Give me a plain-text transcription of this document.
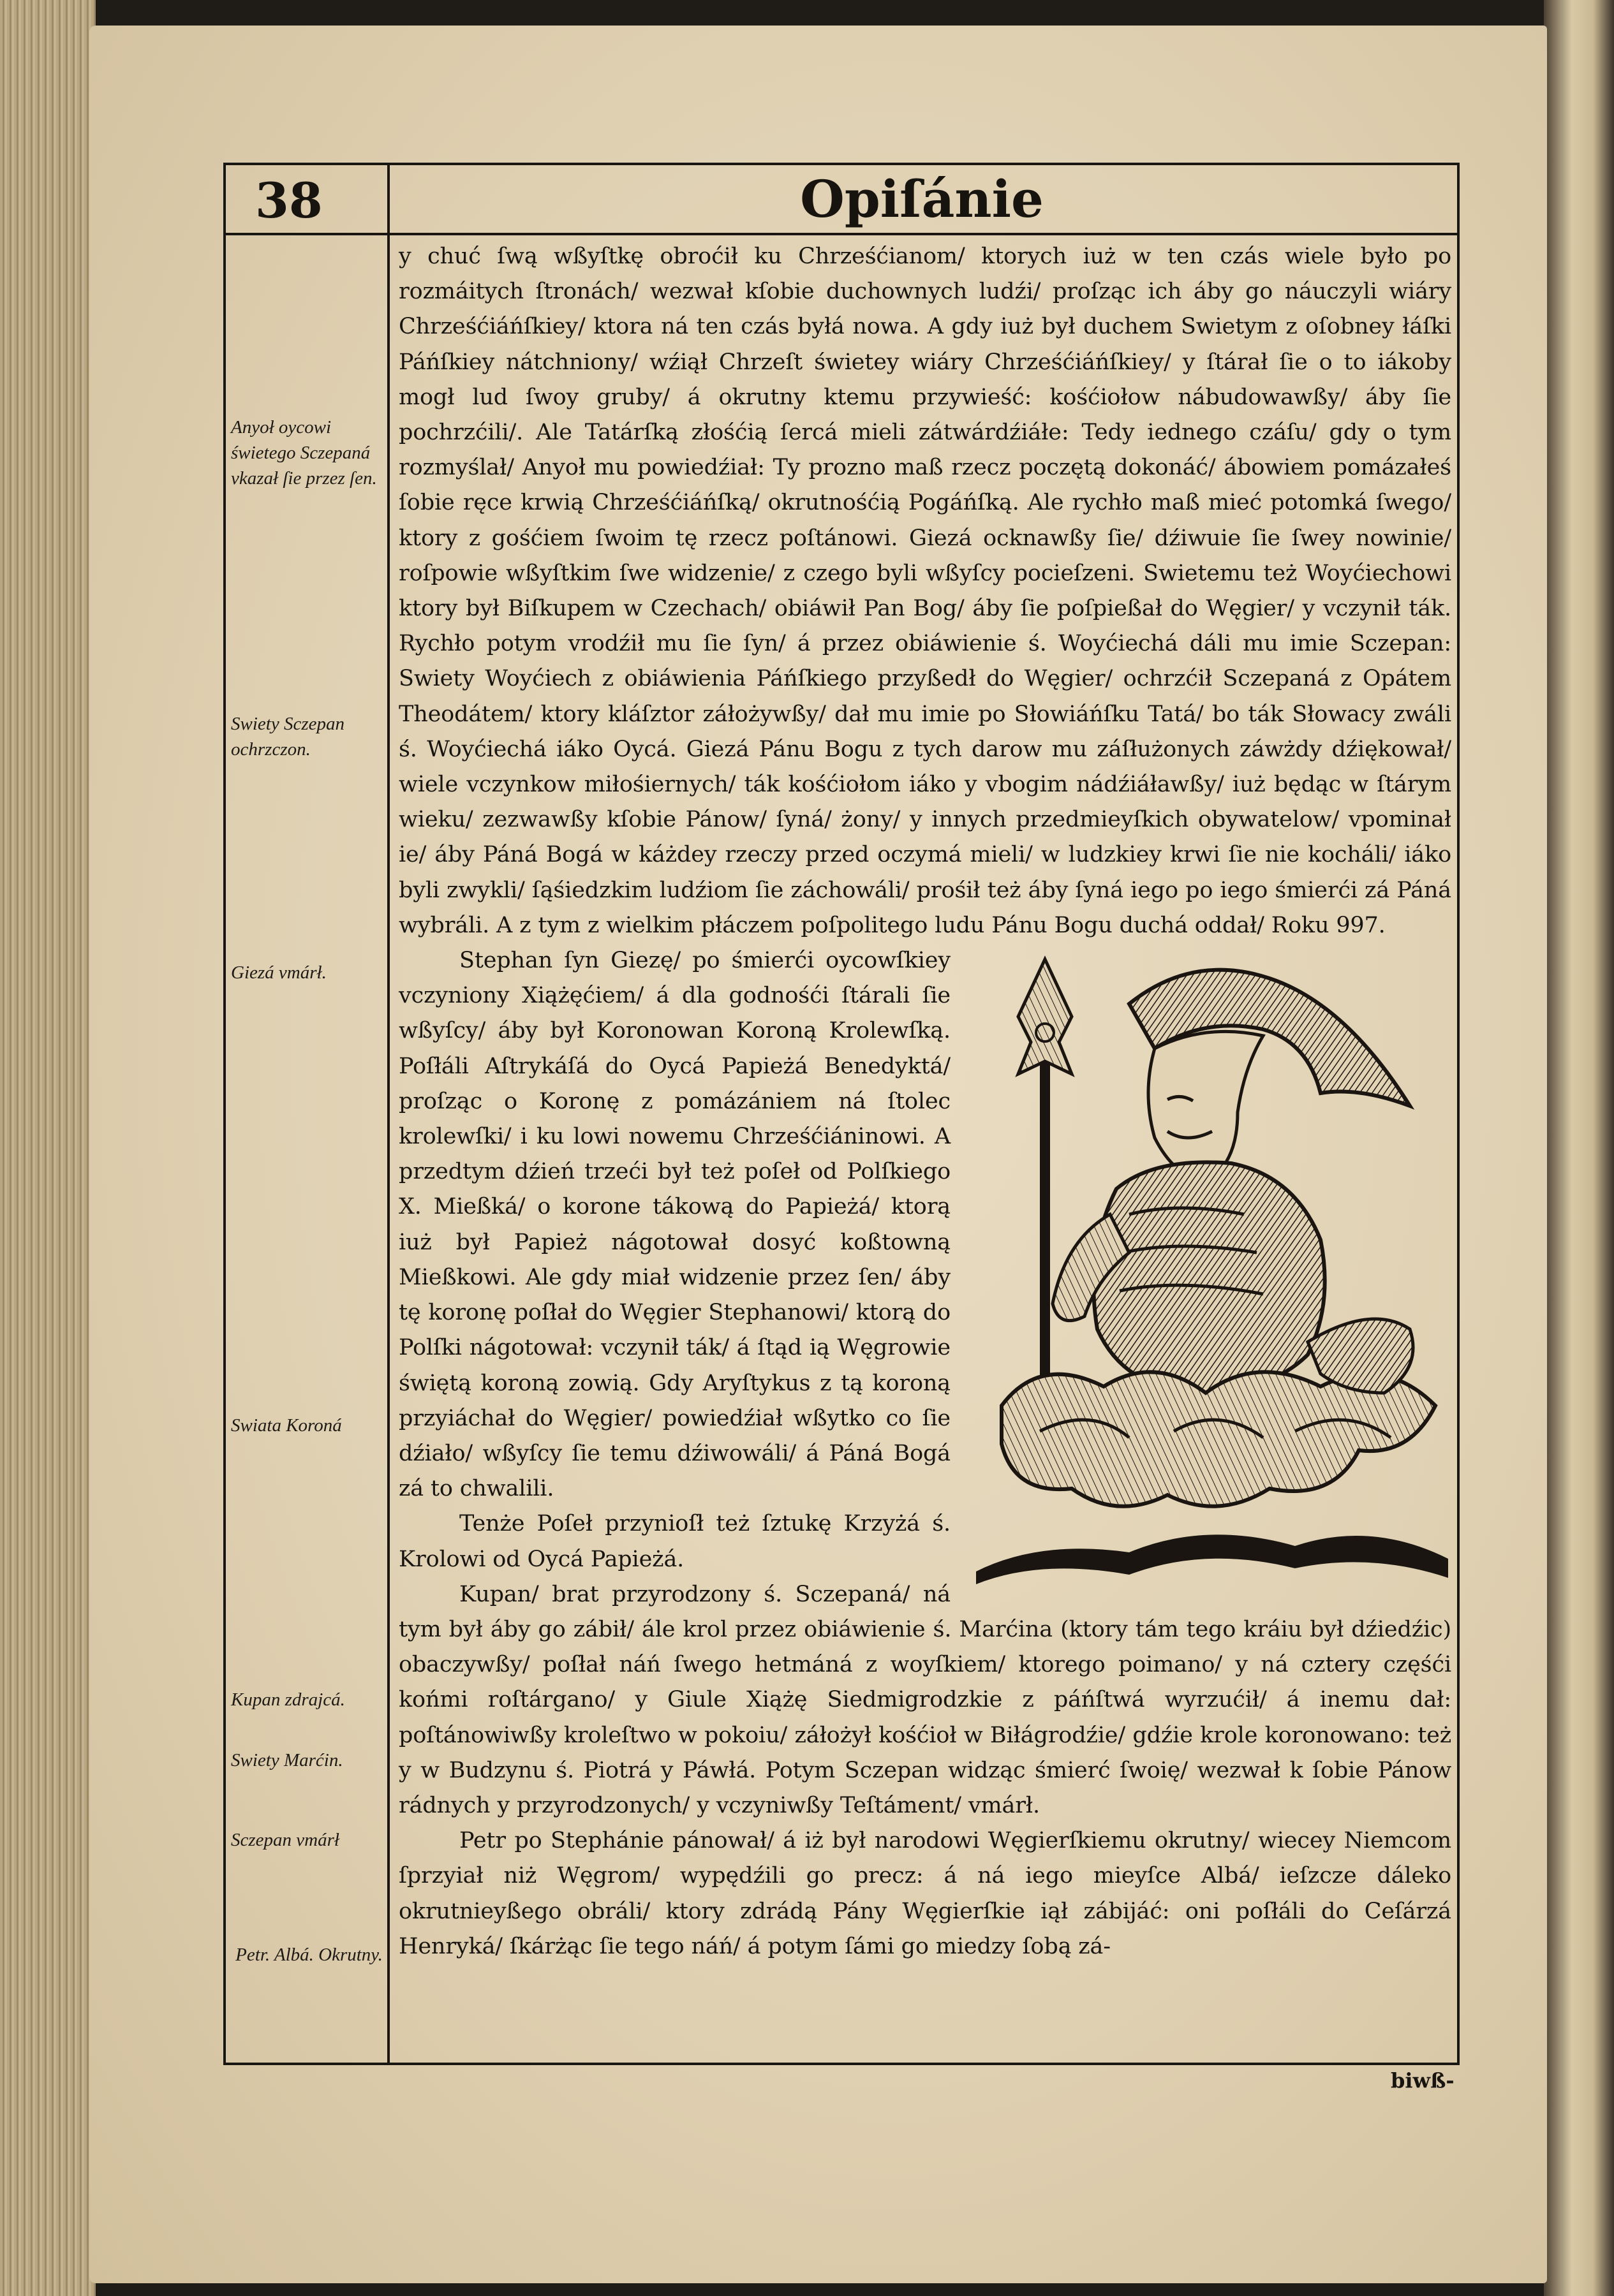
38	Opiſánie
Anyoł oycowi świetego Sczepaná vkazał ſie przez ſen.
Swiety Sczepan ochrzczon.
Giezá vmárł.
Swiata Koroná
Kupan zdrajcá.
Swiety Marćin.
Sczepan vmárł
Petr. Albá. Okrutny.

y chuć ſwą wßyſtkę obroćił ku Chrześćianom/ ktorych iuż w ten czás wiele było po rozmáitych ſtronách/ wezwał kſobie duchownych ludźi/ proſząc ich áby go náuczyli wiáry Chrześćiáńſkiey/ ktora ná ten czás byłá nowa. A gdy iuż był duchem Swietym z oſobney łáſki Páńſkiey nátchniony/ wźiął Chrzeſt świetey wiáry Chrześćiáńſkiey/ y ſtárał ſie o to iákoby mogł lud ſwoy gruby/ á okrutny ktemu przywieść: kośćiołow nábudowawßy/ áby ſie pochrzćili/. Ale Tatárſką złośćią ſercá mieli zátwárdźiáłe: Tedy iednego czáſu/ gdy o tym rozmyślał/ Anyoł mu powiedźiał: Ty prozno maß rzecz poczętą dokonáć/ ábowiem pomázałeś ſobie ręce krwią Chrześćiáńſką/ okrutnośćią Pogáńſką. Ale rychło maß mieć potomká ſwego/ ktory z gośćiem ſwoim tę rzecz poſtánowi. Giezá ocknawßy ſie/ dźiwuie ſie ſwey nowinie/ roſpowie wßyſtkim ſwe widzenie/ z czego byli wßyſcy pocieſzeni. Swietemu też Woyćiechowi ktory był Biſkupem w Czechach/ obiáwił Pan Bog/ áby ſie poſpießał do Węgier/ y vczynił ták. Rychło potym vrodźił mu ſie ſyn/ á przez obiáwienie ś. Woyćiechá dáli mu imie Sczepan: Swiety Woyćiech z obiáwienia Páńſkiego przyßedł do Węgier/ ochrzćił Sczepaná z Opátem Theodátem/ ktory kláſztor záłożywßy/ dał mu imie po Słowiáńſku Tatá/ bo ták Słowacy zwáli ś. Woyćiechá iáko Oycá. Giezá Pánu Bogu z tych darow mu záſłużonych záwżdy dźiękował/ wiele vczynkow miłośiernych/ ták kośćiołom iáko y vbogim nádźiáławßy/ iuż będąc w ſtárym wieku/ zezwawßy kſobie Pánow/ ſyná/ żony/ y innych przedmieyſkich obywatelow/ vpominał ie/ áby Páná Bogá w káżdey rzeczy przed oczymá mieli/ w ludzkiey krwi ſie nie kocháli/ iáko byli zwykli/ ſąśiedzkim ludźiom ſie záchowáli/ prośił też áby ſyná iego po iego śmierći zá Páná wybráli. A z tym z wielkim płáczem poſpolitego ludu Pánu Bogu duchá oddał/ Roku 997.

Stephan ſyn Giezę/ po śmierći oycowſkiey vczyniony Xiążęćiem/ á dla godnośći ſtárali ſie wßyſcy/ áby był Koronowan Koroną Krolewſką. Poſłáli Aſtrykáſá do Oycá Papieżá Benedyktá/ proſząc o Koronę z pomázániem ná ſtolec krolewſki/ i ku lowi nowemu Chrześćiáninowi. A przedtym dźień trzeći był też poſeł od Polſkiego X. Mießká/ o korone tákową do Papieżá/ ktorą iuż był Papież nágotował dosyć koßtowną Mießkowi. Ale gdy miał widzenie przez ſen/ áby tę koronę poſłał do Węgier Stephanowi/ ktorą do Polſki nágotował: vczynił ták/ á ſtąd ią Węgrowie świętą koroną zowią. Gdy Aryſtykus z tą koroną przyiáchał do Węgier/ powiedźiał wßytko co ſie dźiało/ wßyſcy ſie temu dźiwowáli/ á Páná Bogá zá to chwalili.

Tenże Poſeł przynioſł też ſztukę Krzyżá ś. Krolowi od Oycá Papieżá.

Kupan/ brat przyrodzony ś. Sczepaná/ ná tym był áby go zábił/ ále krol przez obiáwienie ś. Marćina (ktory tám tego kráiu był dźiedźic) obaczywßy/ poſłał náń ſwego hetmáná z woyſkiem/ ktorego poimano/ y ná cztery częśći końmi roſtárgano/ y Giule Xiążę Siedmigrodzkie z páńſtwá wyrzućił/ á inemu dał: poſtánowiwßy kroleſtwo w pokoiu/ záłożył kośćioł w Biłágrodźie/ gdźie krole koronowano: też y w Budzynu ś. Piotrá y Páwłá. Potym Sczepan widząc śmierć ſwoię/ wezwał k ſobie Pánow rádnych y przyrodzonych/ y vczyniwßy Teſtáment/ vmárł.

Petr po Stephánie pánował/ á iż był narodowi Węgierſkiemu okrutny/ wiecey Niemcom ſprzyiał niż Węgrom/ wypędźili go precz: á ná iego mieyſce Albá/ ieſzcze dáleko okrutnieyßego obráli/ ktory zdrádą Pány Węgierſkie iął zábijáć: oni poſłáli do Ceſárzá Henryká/ ſkárżąc ſie tego náń/ á potym ſámi go miedzy ſobą zá-

biwß-
